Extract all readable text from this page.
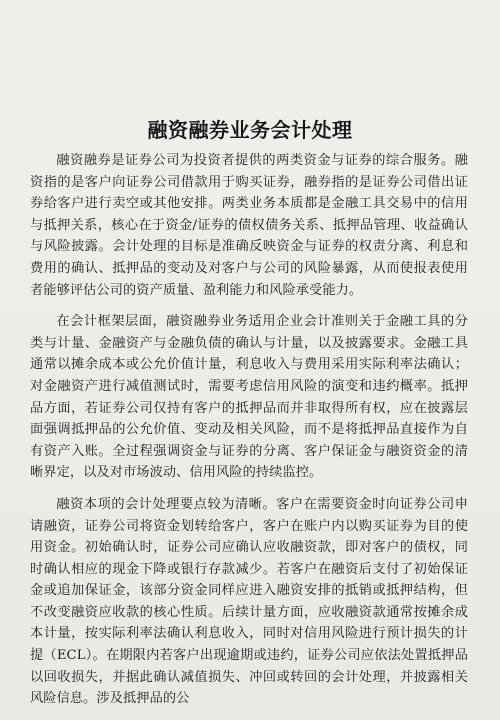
融资融券业务会计处理

融资融券是证券公司为投资者提供的两类资金与证券的综合服务。融资指的是客户向证券公司借款用于购买证券，融券指的是证券公司借出证券给客户进行卖空或其他安排。两类业务本质都是金融工具交易中的信用与抵押关系，核心在于资金/证券的债权债务关系、抵押品管理、收益确认与风险披露。会计处理的目标是准确反映资金与证券的权责分离、利息和费用的确认、抵押品的变动及对客户与公司的风险暴露，从而使报表使用者能够评估公司的资产质量、盈利能力和风险承受能力。

在会计框架层面，融资融券业务适用企业会计准则关于金融工具的分类与计量、金融资产与金融负债的确认与计量，以及披露要求。金融工具通常以摊余成本或公允价值计量，利息收入与费用采用实际利率法确认；对金融资产进行减值测试时，需要考虑信用风险的演变和违约概率。抵押品方面，若证券公司仅持有客户的抵押品而并非取得所有权，应在披露层面强调抵押品的公允价值、变动及相关风险，而不是将抵押品直接作为自有资产入账。全过程强调资金与证券的分离、客户保证金与融资资金的清晰界定，以及对市场波动、信用风险的持续监控。

融资本项的会计处理要点较为清晰。客户在需要资金时向证券公司申请融资，证券公司将资金划转给客户，客户在账户内以购买证券为目的使用资金。初始确认时，证券公司应确认应收融资款，即对客户的债权，同时确认相应的现金下降或银行存款减少。若客户在融资后支付了初始保证金或追加保证金，该部分资金同样应进入融资安排的抵销或抵押结构，但不改变融资应收款的核心性质。后续计量方面，应收融资款通常按摊余成本计量，按实际利率法确认利息收入，同时对信用风险进行预计损失的计提（ECL）。在期限内若客户出现逾期或违约，证券公司应依法处置抵押品以回收损失，并据此确认减值损失、冲回或转回的会计处理，并披露相关风险信息。涉及抵押品的公
